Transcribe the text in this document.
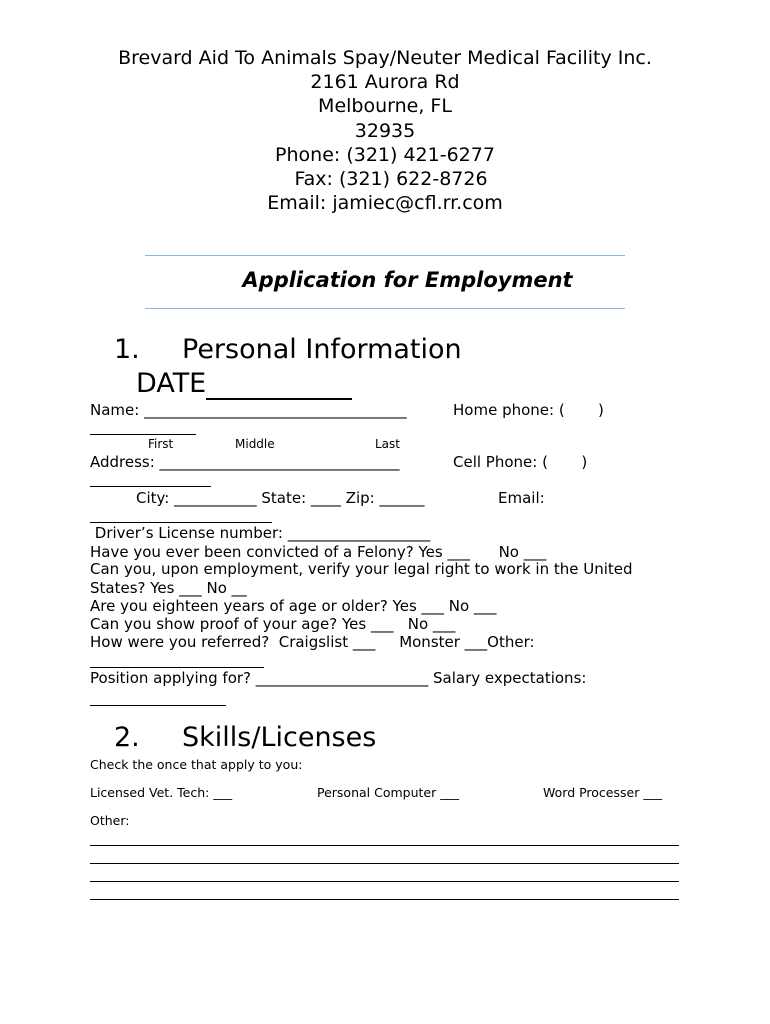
Brevard Aid To Animals Spay/Neuter Medical Facility Inc.
2161 Aurora Rd
Melbourne, FL
32935
Phone: (321) 421-6277
Fax: (321) 622-8726
Email: jamiec@cfl.rr.com
Application for Employment
1. Personal Information
DATE
Name: ___________________________________	Home phone: (       )
First	Middle	Last
Address: ________________________________	Cell Phone: (       )
City: ___________ State: ____ Zip: ______	Email:
Driver’s License number: ___________________
Have you ever been convicted of a Felony? Yes ___      No ___
Can you, upon employment, verify your legal right to work in the United
States? Yes ___ No __
Are you eighteen years of age or older? Yes ___ No ___
Can you show proof of your age? Yes ___   No ___
How were you referred?  Craigslist ___     Monster ___Other:
Position applying for? _______________________ Salary expectations:
2. Skills/Licenses
Check the once that apply to you:
Licensed Vet. Tech: ___	Personal Computer ___	Word Processer ___
Other:
